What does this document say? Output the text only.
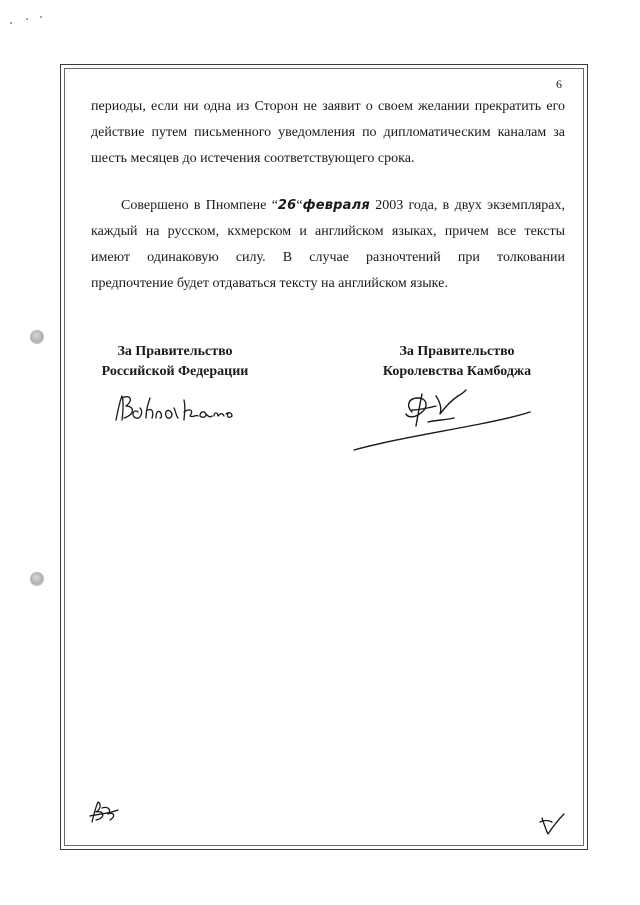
6

периоды, если ни одна из Сторон не заявит о своем желании прекратить его
действие путем письменного уведомления по дипломатическим каналам за
шесть месяцев до истечения соответствующего срока.

Совершено в Пномпене “26“февраля 2003 года, в двух экземплярах,
каждый на русском, кхмерском и английском языках, причем все тексты
имеют одинаковую силу. В случае разночтений при толковании
предпочтение будет отдаваться тексту на английском языке.

За Правительство
Российской Федерации
За Правительство
Королевства Камбоджа
